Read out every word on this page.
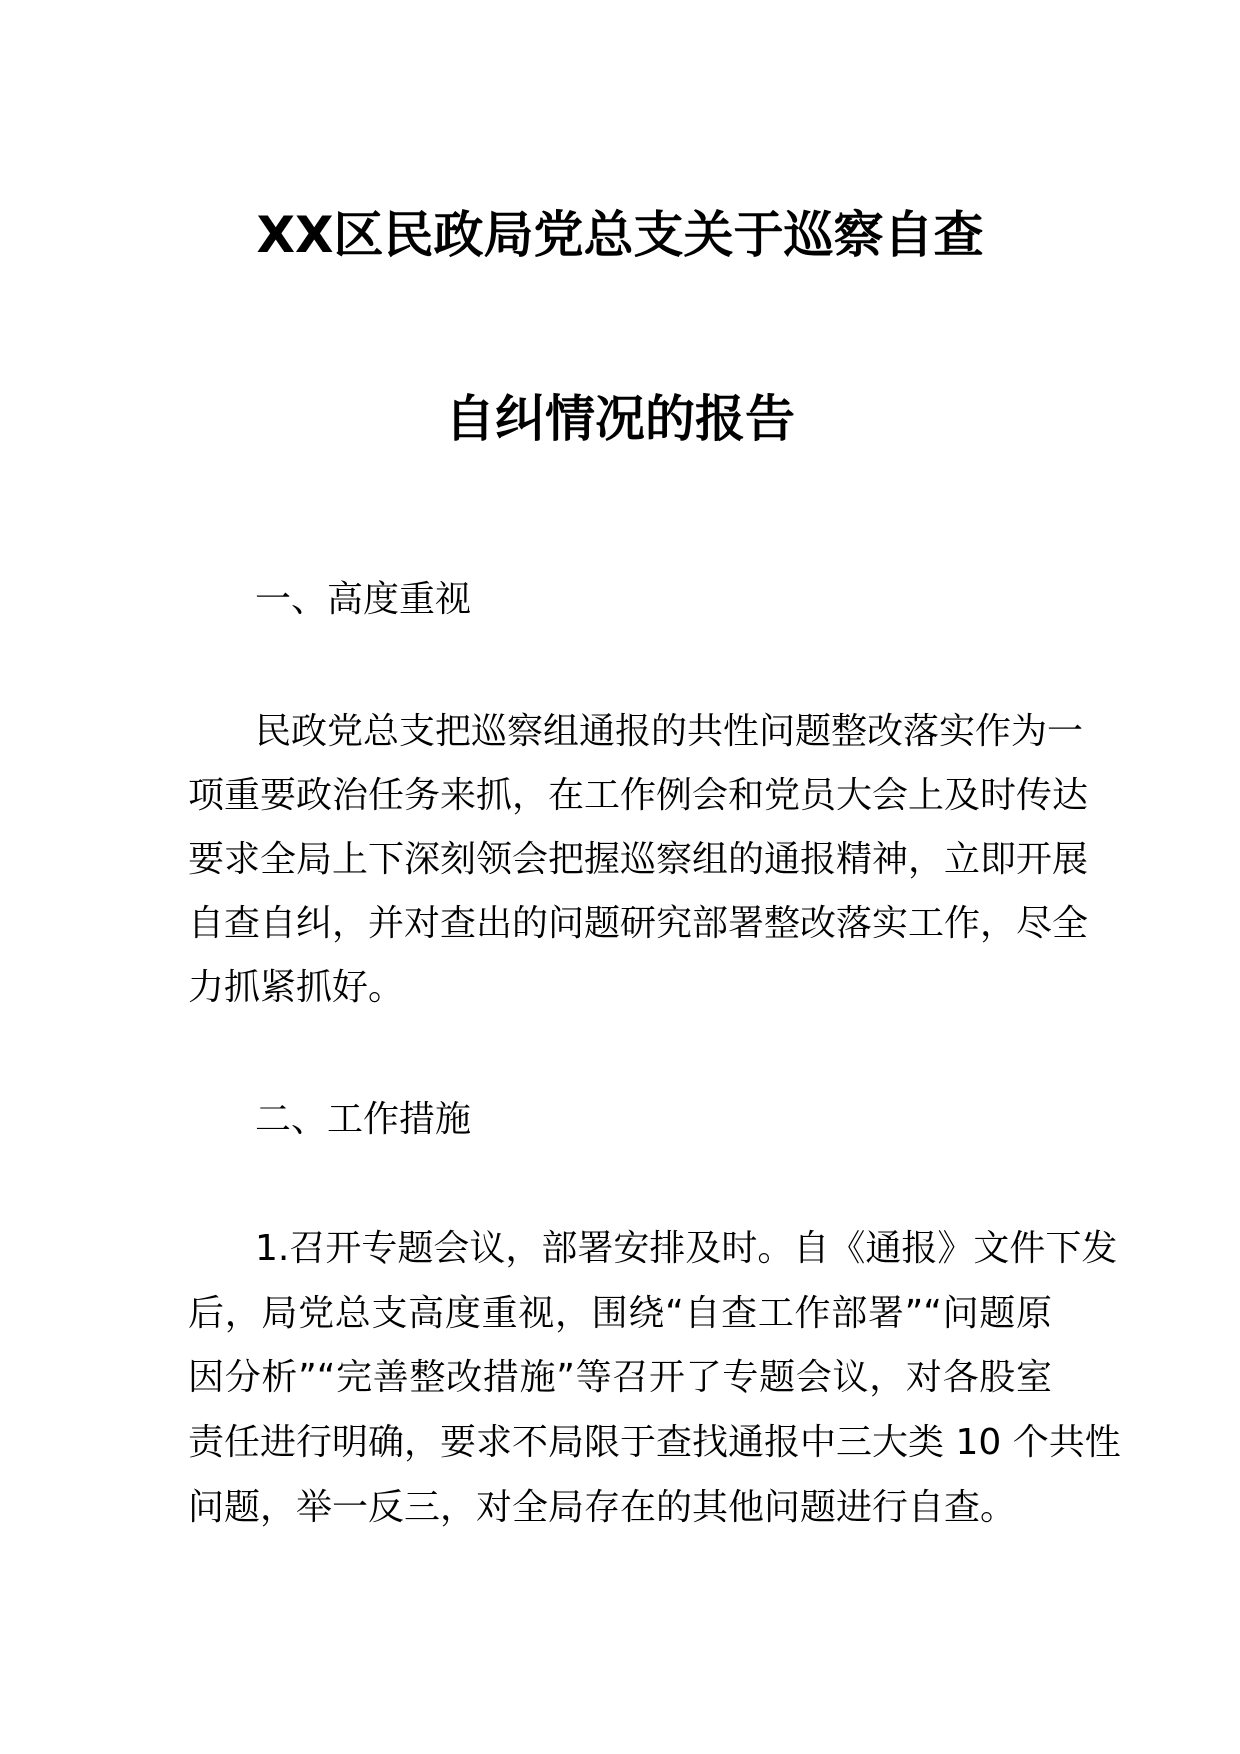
XX区民政局党总支关于巡察自查
自纠情况的报告
一、高度重视
民政党总支把巡察组通报的共性问题整改落实作为一
项重要政治任务来抓，在工作例会和党员大会上及时传达
要求全局上下深刻领会把握巡察组的通报精神，立即开展
自查自纠，并对查出的问题研究部署整改落实工作，尽全
力抓紧抓好。
二、工作措施
1.召开专题会议，部署安排及时。自《通报》文件下发
后，局党总支高度重视，围绕“自查工作部署”“问题原
因分析”“完善整改措施”等召开了专题会议，对各股室
责任进行明确，要求不局限于查找通报中三大类 10 个共性
问题，举一反三，对全局存在的其他问题进行自查。
